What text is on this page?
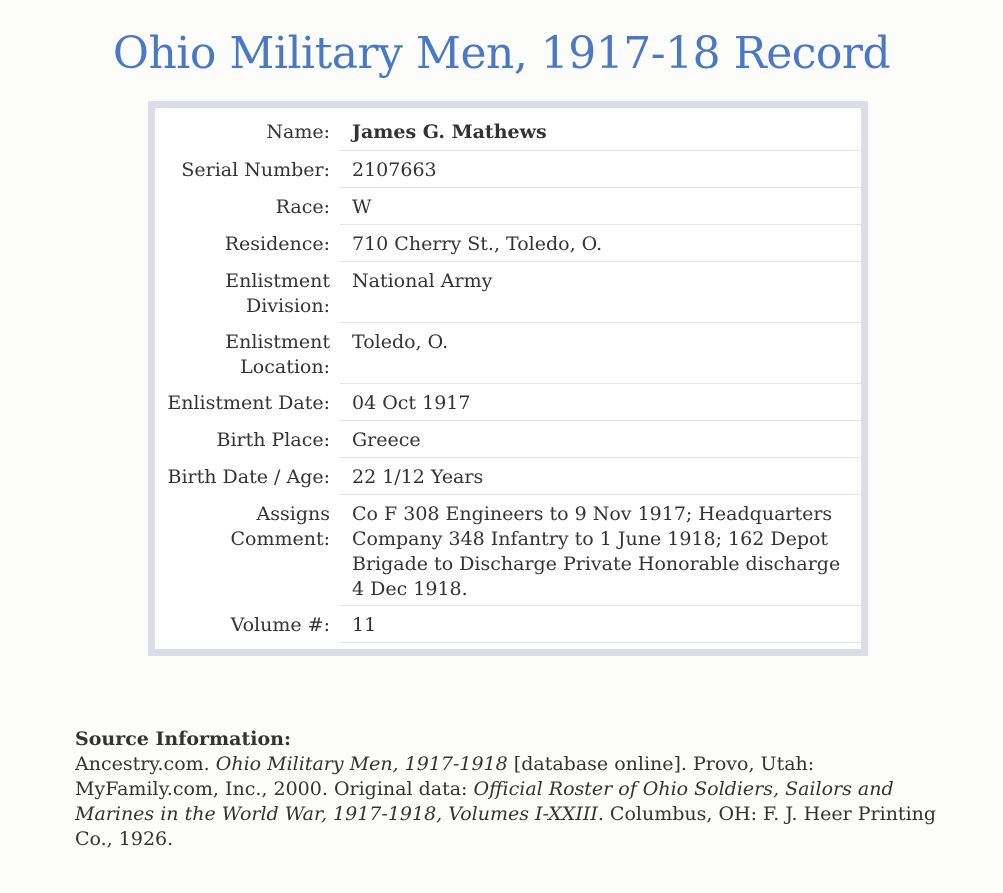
Ohio Military Men, 1917-18 Record
Name:	James G. Mathews
Serial Number:	2107663
Race:	W
Residence:	710 Cherry St., Toledo, O.
Enlistment Division:
National Army
Enlistment Location:
Toledo, O.
Enlistment Date:	04 Oct 1917
Birth Place:	Greece
Birth Date / Age:	22 1/12 Years
Assigns Comment:
Co F 308 Engineers to 9 Nov 1917; Headquarters Company 348 Infantry to 1 June 1918; 162 Depot Brigade to Discharge Private Honorable discharge 4 Dec 1918.
Volume #:	11
Source Information:
Ancestry.com. Ohio Military Men, 1917-1918 [database online]. Provo, Utah: MyFamily.com, Inc., 2000. Original data: Official Roster of Ohio Soldiers, Sailors and Marines in the World War, 1917-1918, Volumes I-XXIII. Columbus, OH: F. J. Heer Printing Co., 1926.
